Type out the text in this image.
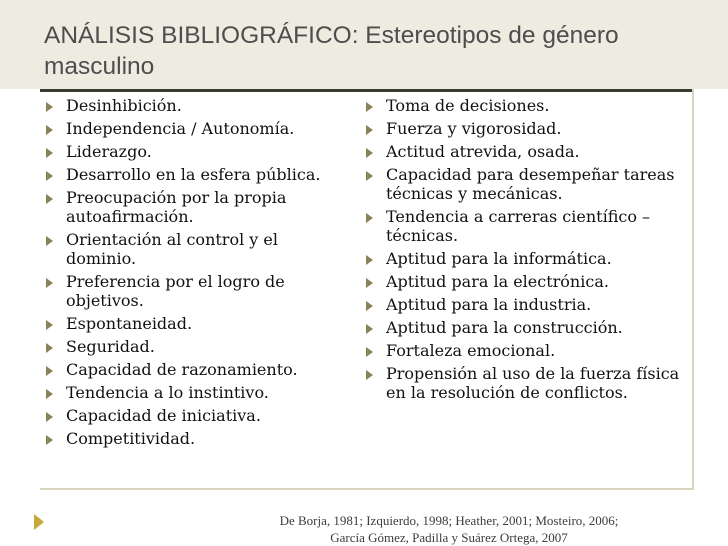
ANÁLISIS BIBLIOGRÁFICO: Estereotipos de género masculino
Desinhibición.
Independencia / Autonomía.
Liderazgo.
Desarrollo en la esfera pública.
Preocupación por la propia autoafirmación.
Orientación al control y el dominio.
Preferencia por el logro de objetivos.
Espontaneidad.
Seguridad.
Capacidad de razonamiento.
Tendencia a lo instintivo.
Capacidad de iniciativa.
Competitividad.
Toma de decisiones.
Fuerza y vigorosidad.
Actitud atrevida, osada.
Capacidad para desempeñar tareas técnicas y mecánicas.
Tendencia a carreras científico – técnicas.
Aptitud para la informática.
Aptitud para la electrónica.
Aptitud para la industria.
Aptitud para la construcción.
Fortaleza emocional.
Propensión al uso de la fuerza física en la resolución de conflictos.
De Borja, 1981; Izquierdo, 1998; Heather, 2001; Mosteiro, 2006;
García Gómez, Padilla y Suárez Ortega, 2007
